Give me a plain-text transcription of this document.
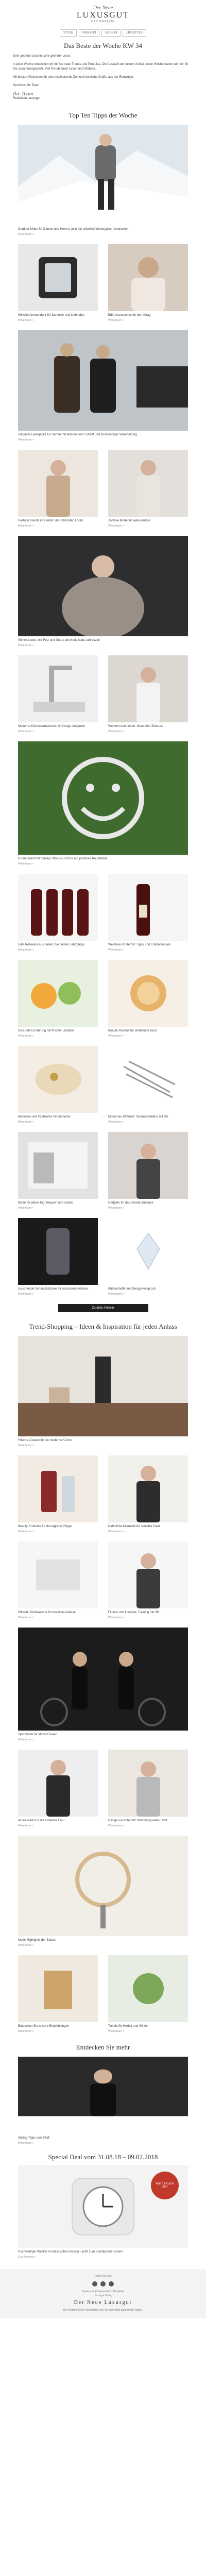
Der Neue
LUXUSGUT
DAS MAGAZIN
STYLE	FASHION	DESIGN	LIFESTYLE
Das Beste der Woche KW 34

Sehr geehrte Leserin, sehr geehrter Leser,

in jeder Woche entdecken wir für Sie neue Trends und Produkte. Die Auswahl der besten Artikel dieser Woche haben wir hier für Sie zusammengestellt. Viel Freude beim Lesen und Stöbern.

Mit besten Wünschen für eine inspirierende Zeit und herzliche Grüße aus der Redaktion.

Herzlichst Ihr Team

Ihr Team

Redaktion Luxusgut

Top Ten Tipps der Woche
Outdoor-Mode für Damen und Herren: jetzt die stilvollen Winterjacken entdecken
Weiterlesen >
Stilvolle Armbanduhr für Sammler und Liebhaber
Weiterlesen >
Edle Accessoires für den Alltag
Weiterlesen >
Elegante Lederjacke für Herren mit klassischem Schnitt und hochwertiger Verarbeitung
Weiterlesen >
Fashion Trends im Herbst: die schönsten Looks
Weiterlesen >
Zeitlose Mode für jeden Anlass
Weiterlesen >
Winter-Looks: mit Pelz und Glanz durch die kalte Jahreszeit
Weiterlesen >
Moderne Küchenarmaturen mit Design-Anspruch
Weiterlesen >
Wohnen und Leben: Ideen fürs Zuhause
Weiterlesen >
Grüne Wand mit Smiley: Moos-Kunst für ein positives Raumklima
Weiterlesen >
Edle Rotweine aus Italien: die besten Jahrgänge
Weiterlesen >
Weinlese im Herbst: Tipps und Empfehlungen
Weiterlesen >
Gesunde Ernährung mit frischen Zutaten
Weiterlesen >
Beauty-Routine für strahlende Haut
Weiterlesen >
Bestecke und Tischkultur für Genießer
Weiterlesen >
Modernes Wohnen: Innenarchitektur mit Stil
Weiterlesen >
Mode für jeden Tag: bequem und schick
Weiterlesen >
Gadgets für das smarte Zuhause
Weiterlesen >
Leuchtende Schmuckstücke für besondere Anlässe
Weiterlesen >
Küchenhelfer mit Design-Anspruch
Weiterlesen >
Zu allen Artikeln
Trend-Shopping – Ideen & Inspiration für jeden Anlass
Frische Zutaten für die moderne Küche
Weiterlesen >
Beauty-Produkte für die tägliche Pflege
Weiterlesen >
Natürliche Kosmetik für sensible Haut
Weiterlesen >
Stilvolle Tischwäsche für festliche Anlässe
Weiterlesen >
Fitness und Lifestyle: Training mit Stil
Weiterlesen >
Sportmode für aktive Frauen
Weiterlesen >
Accessoires für die moderne Frau
Weiterlesen >
Design-Leuchten für stimmungsvolles Licht
Weiterlesen >
Mode-Highlights der Saison
Weiterlesen >
Entdecken Sie unsere Empfehlungen
Weiterlesen >
Trends für Herbst und Winter
Weiterlesen >
Entdecken Sie mehr
Styling-Tipps vom Profi
Weiterlesen >
Special Deal vom 31.08.18 – 09.02.2018
Nur für kurze Zeit
Hochwertiger Wecker im klassischen Design – jetzt zum Sonderpreis sichern
Zum Angebot >
Folgen Sie uns
Impressum | Datenschutz | Abmelden
Luxusgut Verlag
Der Neue Luxusgut
Sie erhalten diesen Newsletter, weil Sie sich dafür angemeldet haben.
